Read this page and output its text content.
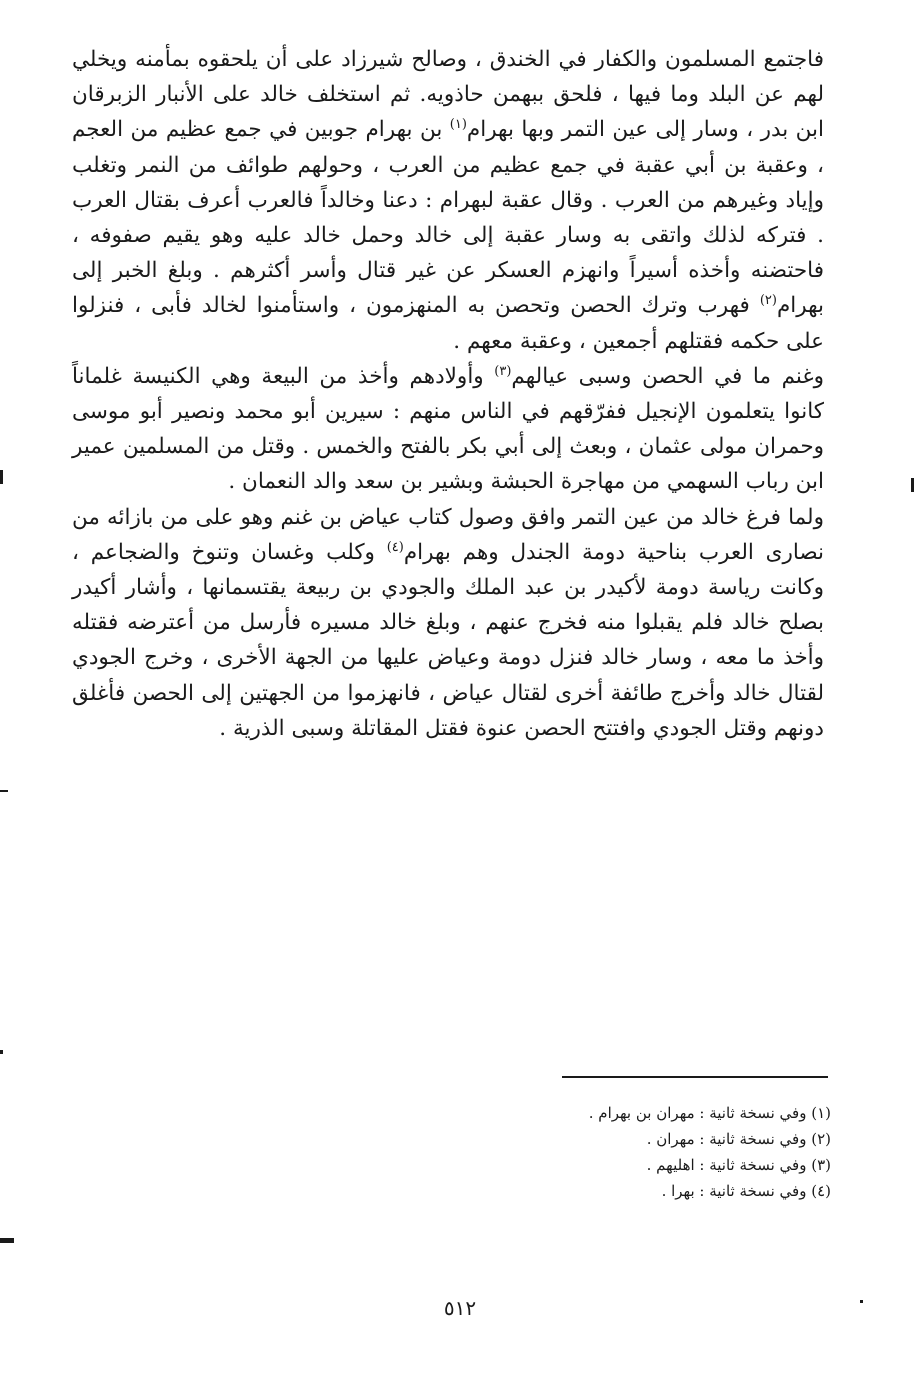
فاجتمع المسلمون والكفار في الخندق ، وصالح شيرزاد على أن يلحقوه بمأمنه ويخلي لهم عن البلد وما فيها ، فلحق ببهمن حاذويه. ثم استخلف خالد على الأنبار الزبرقان ابن بدر ، وسار إلى عين التمر وبها بهرام$^{(١)}$ بن بهرام جوبين في جمع عظيم من العجم ، وعقبة بن أبي عقبة في جمع عظيم من العرب ، وحولهم طوائف من النمر وتغلب وإياد وغيرهم من العرب . وقال عقبة لبهرام : دعنا وخالداً فالعرب أعرف بقتال العرب . فتركه لذلك واتقى به وسار عقبة إلى خالد وحمل خالد عليه وهو يقيم صفوفه ، فاحتضنه وأخذه أسيراً وانهزم العسكر عن غير قتال وأسر أكثرهم . وبلغ الخبر إلى بهرام$^{(٢)}$ فهرب وترك الحصن وتحصن به المنهزمون ، واستأمنوا لخالد فأبى ، فنزلوا على حكمه فقتلهم أجمعين ، وعقبة معهم .

وغنم ما في الحصن وسبى عيالهم$^{(٣)}$ وأولادهم وأخذ من البيعة وهي الكنيسة غلماناً كانوا يتعلمون الإنجيل ففرّقهم في الناس منهم : سيرين أبو محمد ونصير أبو موسى وحمران مولى عثمان ، وبعث إلى أبي بكر بالفتح والخمس . وقتل من المسلمين عمير ابن رباب السهمي من مهاجرة الحبشة وبشير بن سعد والد النعمان .

ولما فرغ خالد من عين التمر وافق وصول كتاب عياض بن غنم وهو على من بازائه من نصارى العرب بناحية دومة الجندل وهم بهرام$^{(٤)}$ وكلب وغسان وتنوخ والضجاعم ، وكانت رياسة دومة لأكيدر بن عبد الملك والجودي بن ربيعة يقتسمانها ، وأشار أكيدر بصلح خالد فلم يقبلوا منه فخرج عنهم ، وبلغ خالد مسيره فأرسل من أعترضه فقتله وأخذ ما معه ، وسار خالد فنزل دومة وعياض عليها من الجهة الأخرى ، وخرج الجودي لقتال خالد وأخرج طائفة أخرى لقتال عياض ، فانهزموا من الجهتين إلى الحصن فأغلق دونهم وقتل الجودي وافتتح الحصن عنوة فقتل المقاتلة وسبى الذرية .

(١) وفي نسخة ثانية : مهران بن بهرام .

(٢) وفي نسخة ثانية : مهران .

(٣) وفي نسخة ثانية : اهليهم .

(٤) وفي نسخة ثانية : بهرا .

٥١٢
